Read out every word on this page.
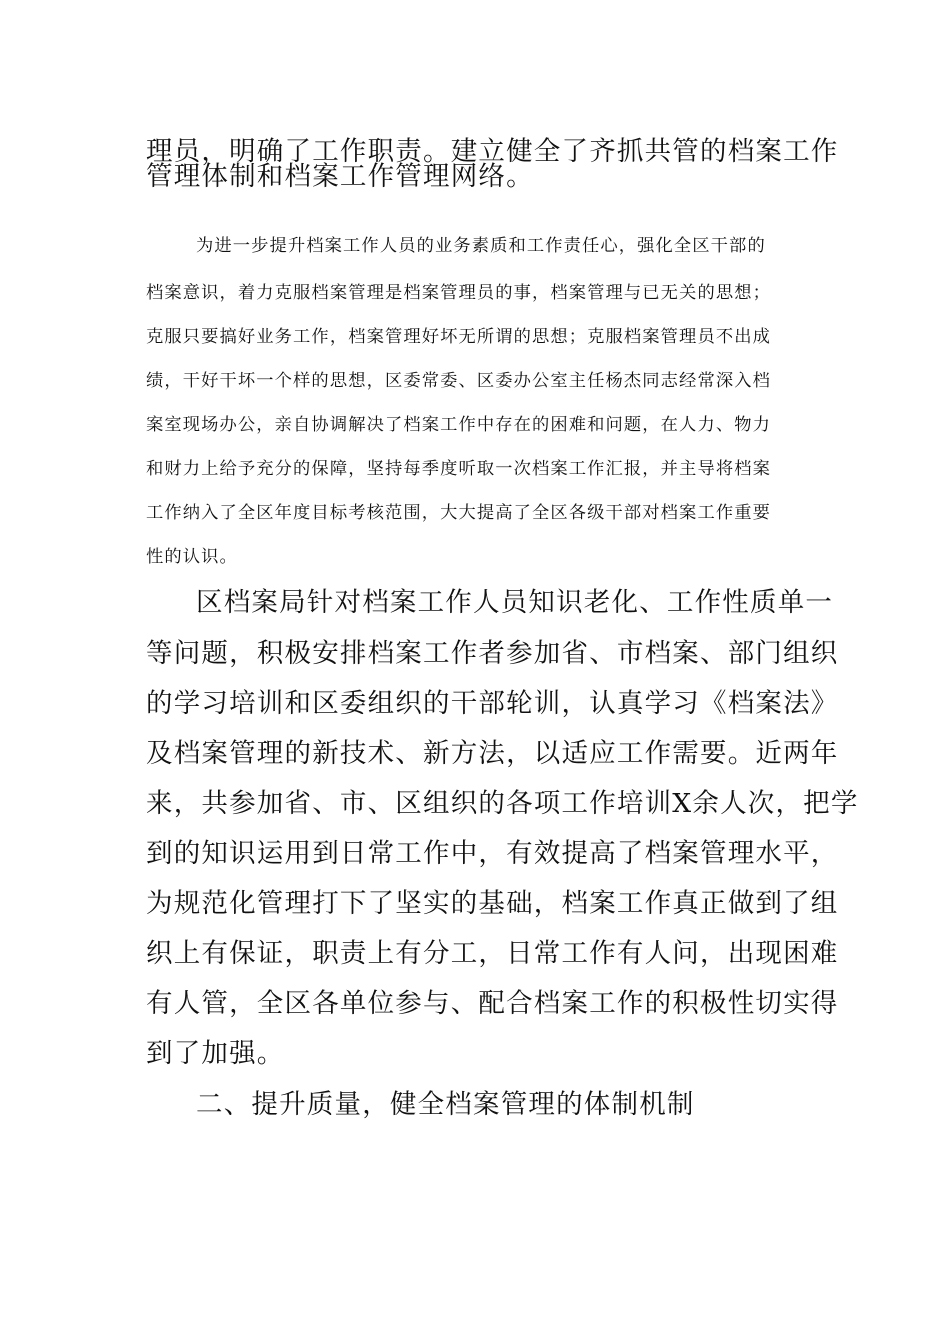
理员，明确了工作职责。建立健全了齐抓共管的档案工作

管理体制和档案工作管理网络。

为进一步提升档案工作人员的业务素质和工作责任心，强化全区干部的

档案意识，着力克服档案管理是档案管理员的事，档案管理与已无关的思想；

克服只要搞好业务工作，档案管理好坏无所谓的思想；克服档案管理员不出成

绩，干好干坏一个样的思想，区委常委、区委办公室主任杨杰同志经常深入档

案室现场办公，亲自协调解决了档案工作中存在的困难和问题，在人力、物力

和财力上给予充分的保障，坚持每季度听取一次档案工作汇报，并主导将档案

工作纳入了全区年度目标考核范围，大大提高了全区各级干部对档案工作重要

性的认识。

区档案局针对档案工作人员知识老化、工作性质单一

等问题，积极安排档案工作者参加省、市档案、部门组织

的学习培训和区委组织的干部轮训，认真学习《档案法》

及档案管理的新技术、新方法，以适应工作需要。近两年

来，共参加省、市、区组织的各项工作培训X余人次，把学

到的知识运用到日常工作中，有效提高了档案管理水平，

为规范化管理打下了坚实的基础，档案工作真正做到了组

织上有保证，职责上有分工，日常工作有人问，出现困难

有人管，全区各单位参与、配合档案工作的积极性切实得

到了加强。

二、提升质量，健全档案管理的体制机制
